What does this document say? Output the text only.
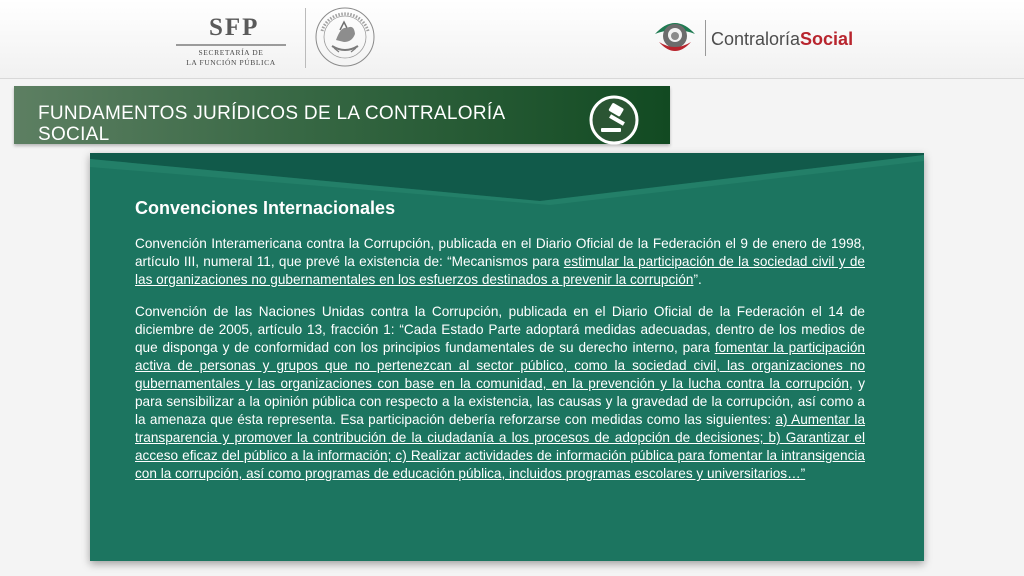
SFP
SECRETARÍA DE
LA FUNCIÓN PÚBLICA
ContraloríaSocial
FUNDAMENTOS JURÍDICOS DE LA CONTRALORÍA SOCIAL
Convenciones Internacionales

Convención Interamericana contra la Corrupción, publicada en el Diario Oficial de la Federación el 9 de enero de 1998, artículo III, numeral 11, que prevé la existencia de: “Mecanismos para estimular la participación de la sociedad civil y de las organizaciones no gubernamentales en los esfuerzos destinados a prevenir la corrupción”.

Convención de las Naciones Unidas contra la Corrupción, publicada en el Diario Oficial de la Federación el 14 de diciembre de 2005, artículo 13, fracción 1: “Cada Estado Parte adoptará medidas adecuadas, dentro de los medios de que disponga y de conformidad con los principios fundamentales de su derecho interno, para fomentar la participación activa de personas y grupos que no pertenezcan al sector público, como la sociedad civil, las organizaciones no gubernamentales y las organizaciones con base en la comunidad, en la prevención y la lucha contra la corrupción, y para sensibilizar a la opinión pública con respecto a la existencia, las causas y la gravedad de la corrupción, así como a la amenaza que ésta representa. Esa participación debería reforzarse con medidas como las siguientes: a) Aumentar la transparencia y promover la contribución de la ciudadanía a los procesos de adopción de decisiones; b) Garantizar el acceso eficaz del público a la información; c) Realizar actividades de información pública para fomentar la intransigencia con la corrupción, así como programas de educación pública, incluidos programas escolares y universitarios…”
